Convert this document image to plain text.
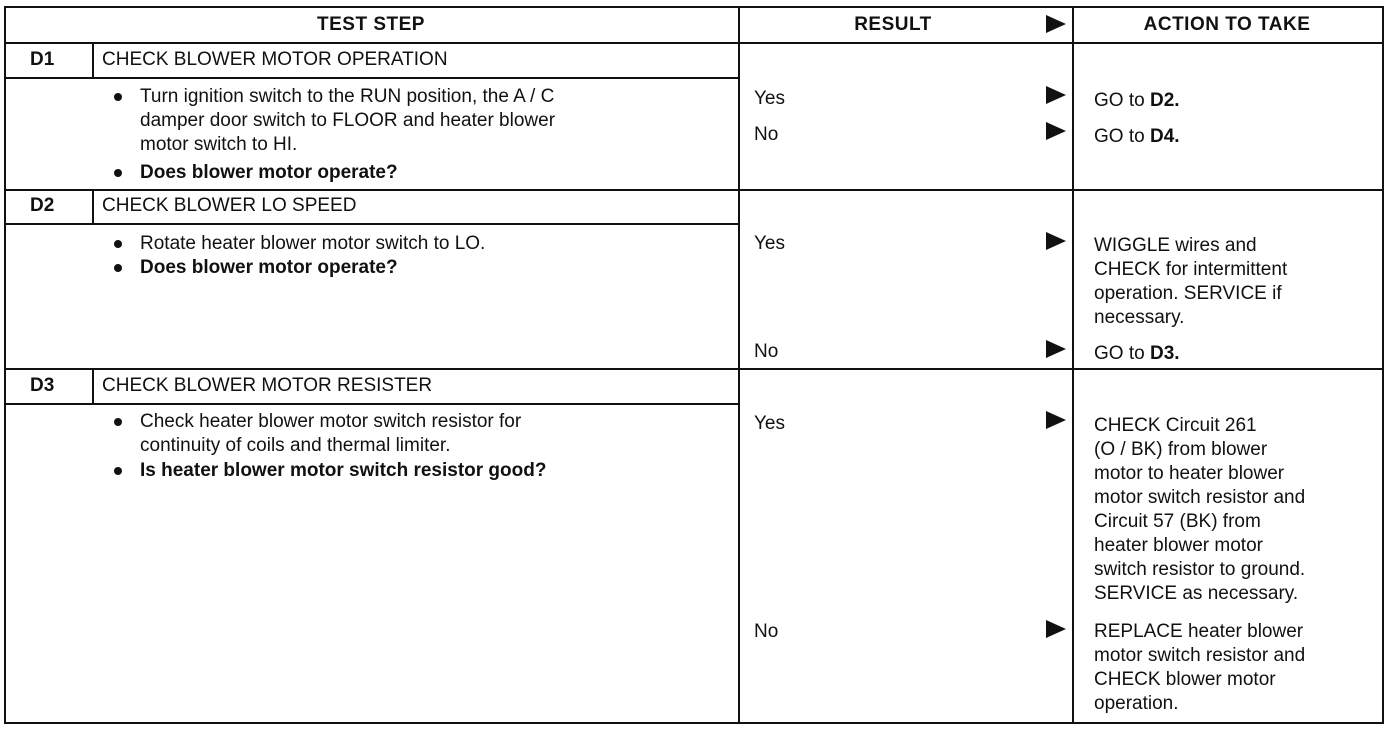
TEST STEP	RESULT	ACTION TO TAKE
D1	CHECK BLOWER MOTOR OPERATION
Turn ignition switch to the RUN position, the A / C
damper door switch to FLOOR and heater blower
motor switch to HI.
Does blower motor operate?
Yes	GO to D2.
No	GO to D4.
D2	CHECK BLOWER LO SPEED
Rotate heater blower motor switch to LO.
Does blower motor operate?
Yes	WIGGLE wires and
CHECK for intermittent
operation. SERVICE if
necessary.
No	GO to D3.
D3	CHECK BLOWER MOTOR RESISTER
Check heater blower motor switch resistor for
continuity of coils and thermal limiter.
Is heater blower motor switch resistor good?
Yes	CHECK Circuit 261
(O / BK) from blower
motor to heater blower
motor switch resistor and
Circuit 57 (BK) from
heater blower motor
switch resistor to ground.
SERVICE as necessary.
No	REPLACE heater blower
motor switch resistor and
CHECK blower motor
operation.
